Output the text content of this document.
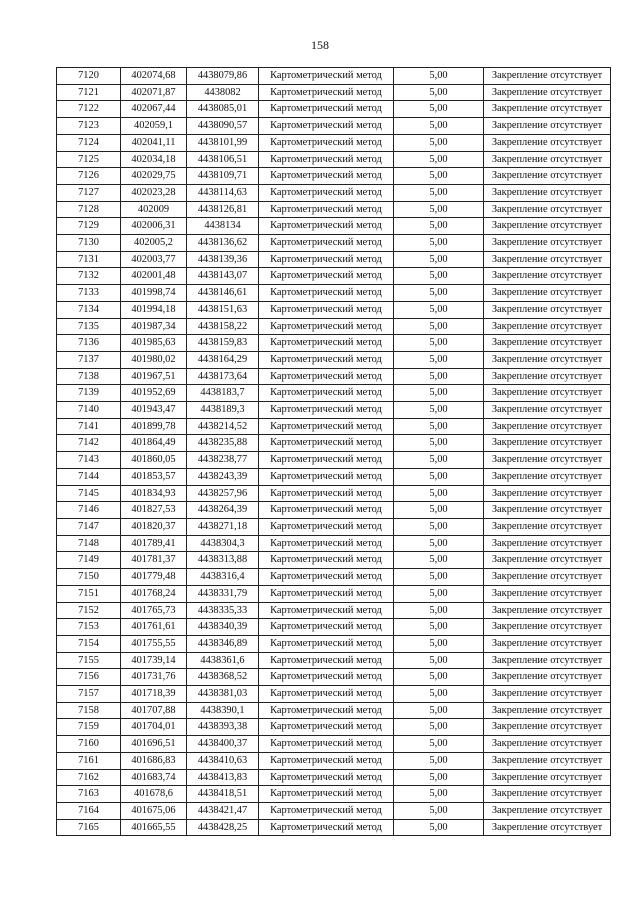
158
7120	402074,68	4438079,86	Картометрический метод	5,00	Закрепление отсутствует
7121	402071,87	4438082	Картометрический метод	5,00	Закрепление отсутствует
7122	402067,44	4438085,01	Картометрический метод	5,00	Закрепление отсутствует
7123	402059,1	4438090,57	Картометрический метод	5,00	Закрепление отсутствует
7124	402041,11	4438101,99	Картометрический метод	5,00	Закрепление отсутствует
7125	402034,18	4438106,51	Картометрический метод	5,00	Закрепление отсутствует
7126	402029,75	4438109,71	Картометрический метод	5,00	Закрепление отсутствует
7127	402023,28	4438114,63	Картометрический метод	5,00	Закрепление отсутствует
7128	402009	4438126,81	Картометрический метод	5,00	Закрепление отсутствует
7129	402006,31	4438134	Картометрический метод	5,00	Закрепление отсутствует
7130	402005,2	4438136,62	Картометрический метод	5,00	Закрепление отсутствует
7131	402003,77	4438139,36	Картометрический метод	5,00	Закрепление отсутствует
7132	402001,48	4438143,07	Картометрический метод	5,00	Закрепление отсутствует
7133	401998,74	4438146,61	Картометрический метод	5,00	Закрепление отсутствует
7134	401994,18	4438151,63	Картометрический метод	5,00	Закрепление отсутствует
7135	401987,34	4438158,22	Картометрический метод	5,00	Закрепление отсутствует
7136	401985,63	4438159,83	Картометрический метод	5,00	Закрепление отсутствует
7137	401980,02	4438164,29	Картометрический метод	5,00	Закрепление отсутствует
7138	401967,51	4438173,64	Картометрический метод	5,00	Закрепление отсутствует
7139	401952,69	4438183,7	Картометрический метод	5,00	Закрепление отсутствует
7140	401943,47	4438189,3	Картометрический метод	5,00	Закрепление отсутствует
7141	401899,78	4438214,52	Картометрический метод	5,00	Закрепление отсутствует
7142	401864,49	4438235,88	Картометрический метод	5,00	Закрепление отсутствует
7143	401860,05	4438238,77	Картометрический метод	5,00	Закрепление отсутствует
7144	401853,57	4438243,39	Картометрический метод	5,00	Закрепление отсутствует
7145	401834,93	4438257,96	Картометрический метод	5,00	Закрепление отсутствует
7146	401827,53	4438264,39	Картометрический метод	5,00	Закрепление отсутствует
7147	401820,37	4438271,18	Картометрический метод	5,00	Закрепление отсутствует
7148	401789,41	4438304,3	Картометрический метод	5,00	Закрепление отсутствует
7149	401781,37	4438313,88	Картометрический метод	5,00	Закрепление отсутствует
7150	401779,48	4438316,4	Картометрический метод	5,00	Закрепление отсутствует
7151	401768,24	4438331,79	Картометрический метод	5,00	Закрепление отсутствует
7152	401765,73	4438335,33	Картометрический метод	5,00	Закрепление отсутствует
7153	401761,61	4438340,39	Картометрический метод	5,00	Закрепление отсутствует
7154	401755,55	4438346,89	Картометрический метод	5,00	Закрепление отсутствует
7155	401739,14	4438361,6	Картометрический метод	5,00	Закрепление отсутствует
7156	401731,76	4438368,52	Картометрический метод	5,00	Закрепление отсутствует
7157	401718,39	4438381,03	Картометрический метод	5,00	Закрепление отсутствует
7158	401707,88	4438390,1	Картометрический метод	5,00	Закрепление отсутствует
7159	401704,01	4438393,38	Картометрический метод	5,00	Закрепление отсутствует
7160	401696,51	4438400,37	Картометрический метод	5,00	Закрепление отсутствует
7161	401686,83	4438410,63	Картометрический метод	5,00	Закрепление отсутствует
7162	401683,74	4438413,83	Картометрический метод	5,00	Закрепление отсутствует
7163	401678,6	4438418,51	Картометрический метод	5,00	Закрепление отсутствует
7164	401675,06	4438421,47	Картометрический метод	5,00	Закрепление отсутствует
7165	401665,55	4438428,25	Картометрический метод	5,00	Закрепление отсутствует
